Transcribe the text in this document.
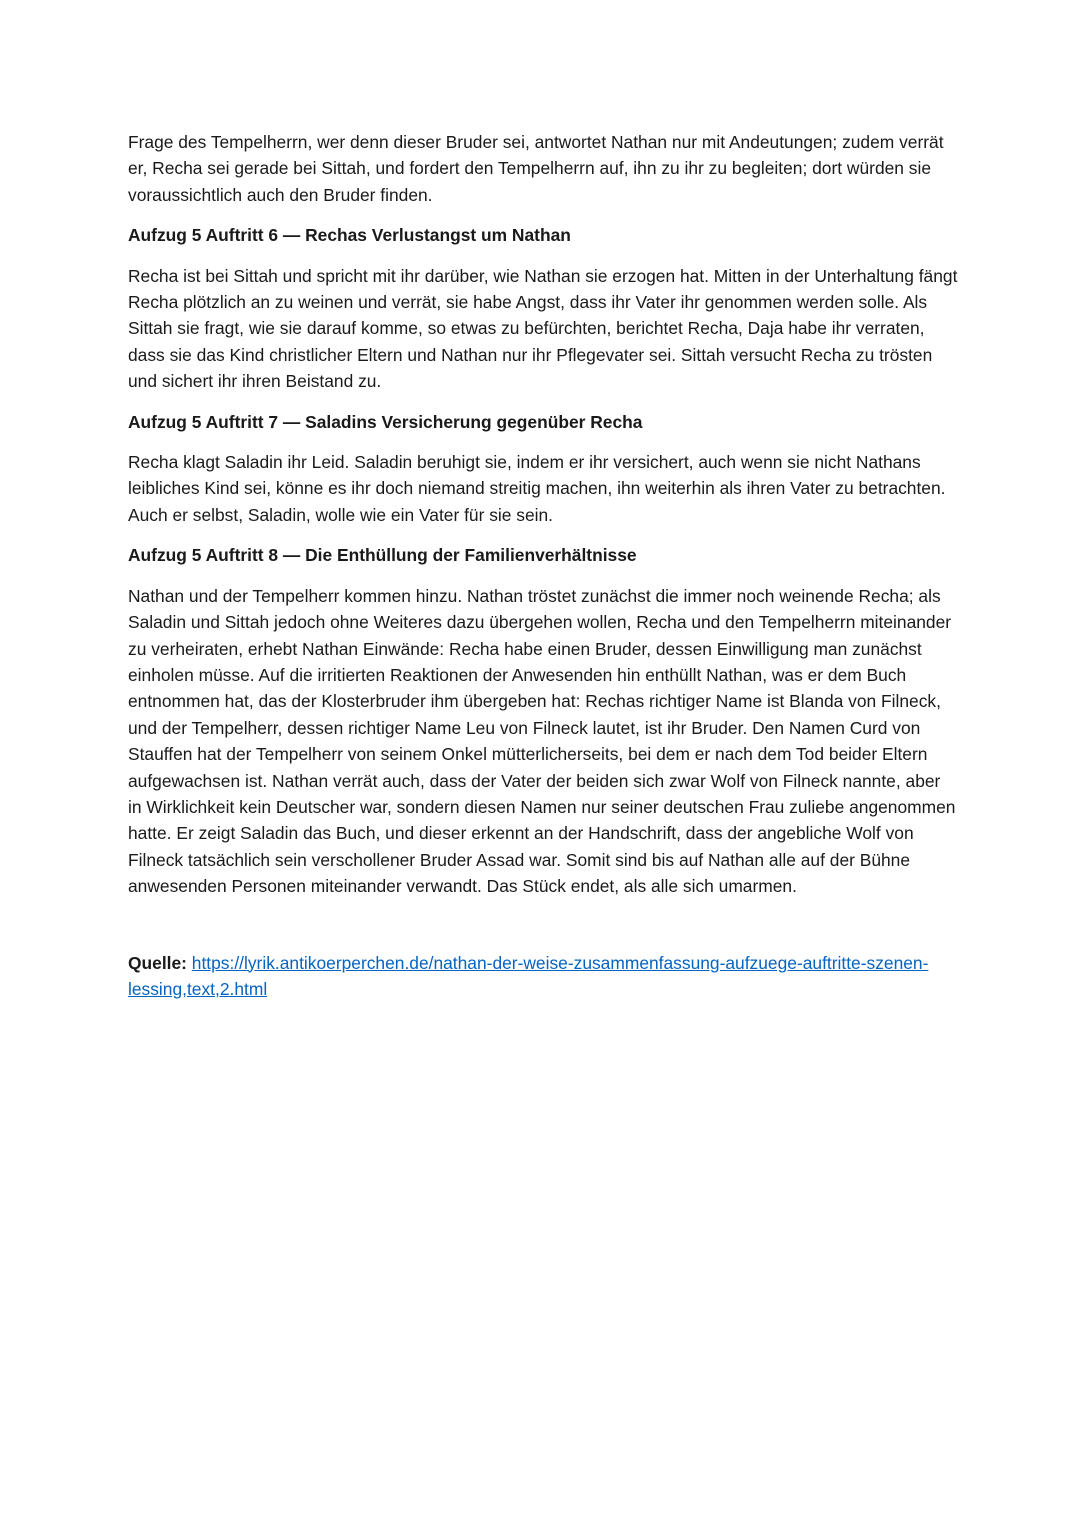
Frage des Tempelherrn, wer denn dieser Bruder sei, antwortet Nathan nur mit Andeutungen; zudem verrät er, Recha sei gerade bei Sittah, und fordert den Tempelherrn auf, ihn zu ihr zu begleiten; dort würden sie voraussichtlich auch den Bruder finden.

Aufzug 5 Auftritt 6 — Rechas Verlustangst um Nathan

Recha ist bei Sittah und spricht mit ihr darüber, wie Nathan sie erzogen hat. Mitten in der Unterhaltung fängt Recha plötzlich an zu weinen und verrät, sie habe Angst, dass ihr Vater ihr genommen werden solle. Als Sittah sie fragt, wie sie darauf komme, so etwas zu befürchten, berichtet Recha, Daja habe ihr verraten, dass sie das Kind christlicher Eltern und Nathan nur ihr Pflegevater sei. Sittah versucht Recha zu trösten und sichert ihr ihren Beistand zu.

Aufzug 5 Auftritt 7 — Saladins Versicherung gegenüber Recha

Recha klagt Saladin ihr Leid. Saladin beruhigt sie, indem er ihr versichert, auch wenn sie nicht Nathans leibliches Kind sei, könne es ihr doch niemand streitig machen, ihn weiterhin als ihren Vater zu betrachten. Auch er selbst, Saladin, wolle wie ein Vater für sie sein.

Aufzug 5 Auftritt 8 — Die Enthüllung der Familienverhältnisse

Nathan und der Tempelherr kommen hinzu. Nathan tröstet zunächst die immer noch weinende Recha; als Saladin und Sittah jedoch ohne Weiteres dazu übergehen wollen, Recha und den Tempelherrn miteinander zu verheiraten, erhebt Nathan Einwände: Recha habe einen Bruder, dessen Einwilligung man zunächst einholen müsse. Auf die irritierten Reaktionen der Anwesenden hin enthüllt Nathan, was er dem Buch entnommen hat, das der Klosterbruder ihm übergeben hat: Rechas richtiger Name ist Blanda von Filneck, und der Tempelherr, dessen richtiger Name Leu von Filneck lautet, ist ihr Bruder. Den Namen Curd von Stauffen hat der Tempelherr von seinem Onkel mütterlicherseits, bei dem er nach dem Tod beider Eltern aufgewachsen ist. Nathan verrät auch, dass der Vater der beiden sich zwar Wolf von Filneck nannte, aber in Wirklichkeit kein Deutscher war, sondern diesen Namen nur seiner deutschen Frau zuliebe angenommen hatte. Er zeigt Saladin das Buch, und dieser erkennt an der Handschrift, dass der angebliche Wolf von Filneck tatsächlich sein verschollener Bruder Assad war. Somit sind bis auf Nathan alle auf der Bühne anwesenden Personen miteinander verwandt. Das Stück endet, als alle sich umarmen.

Quelle: https://lyrik.antikoerperchen.de/nathan-der-weise-zusammenfassung-aufzuege-auftritte-szenen-lessing,text,2.html
